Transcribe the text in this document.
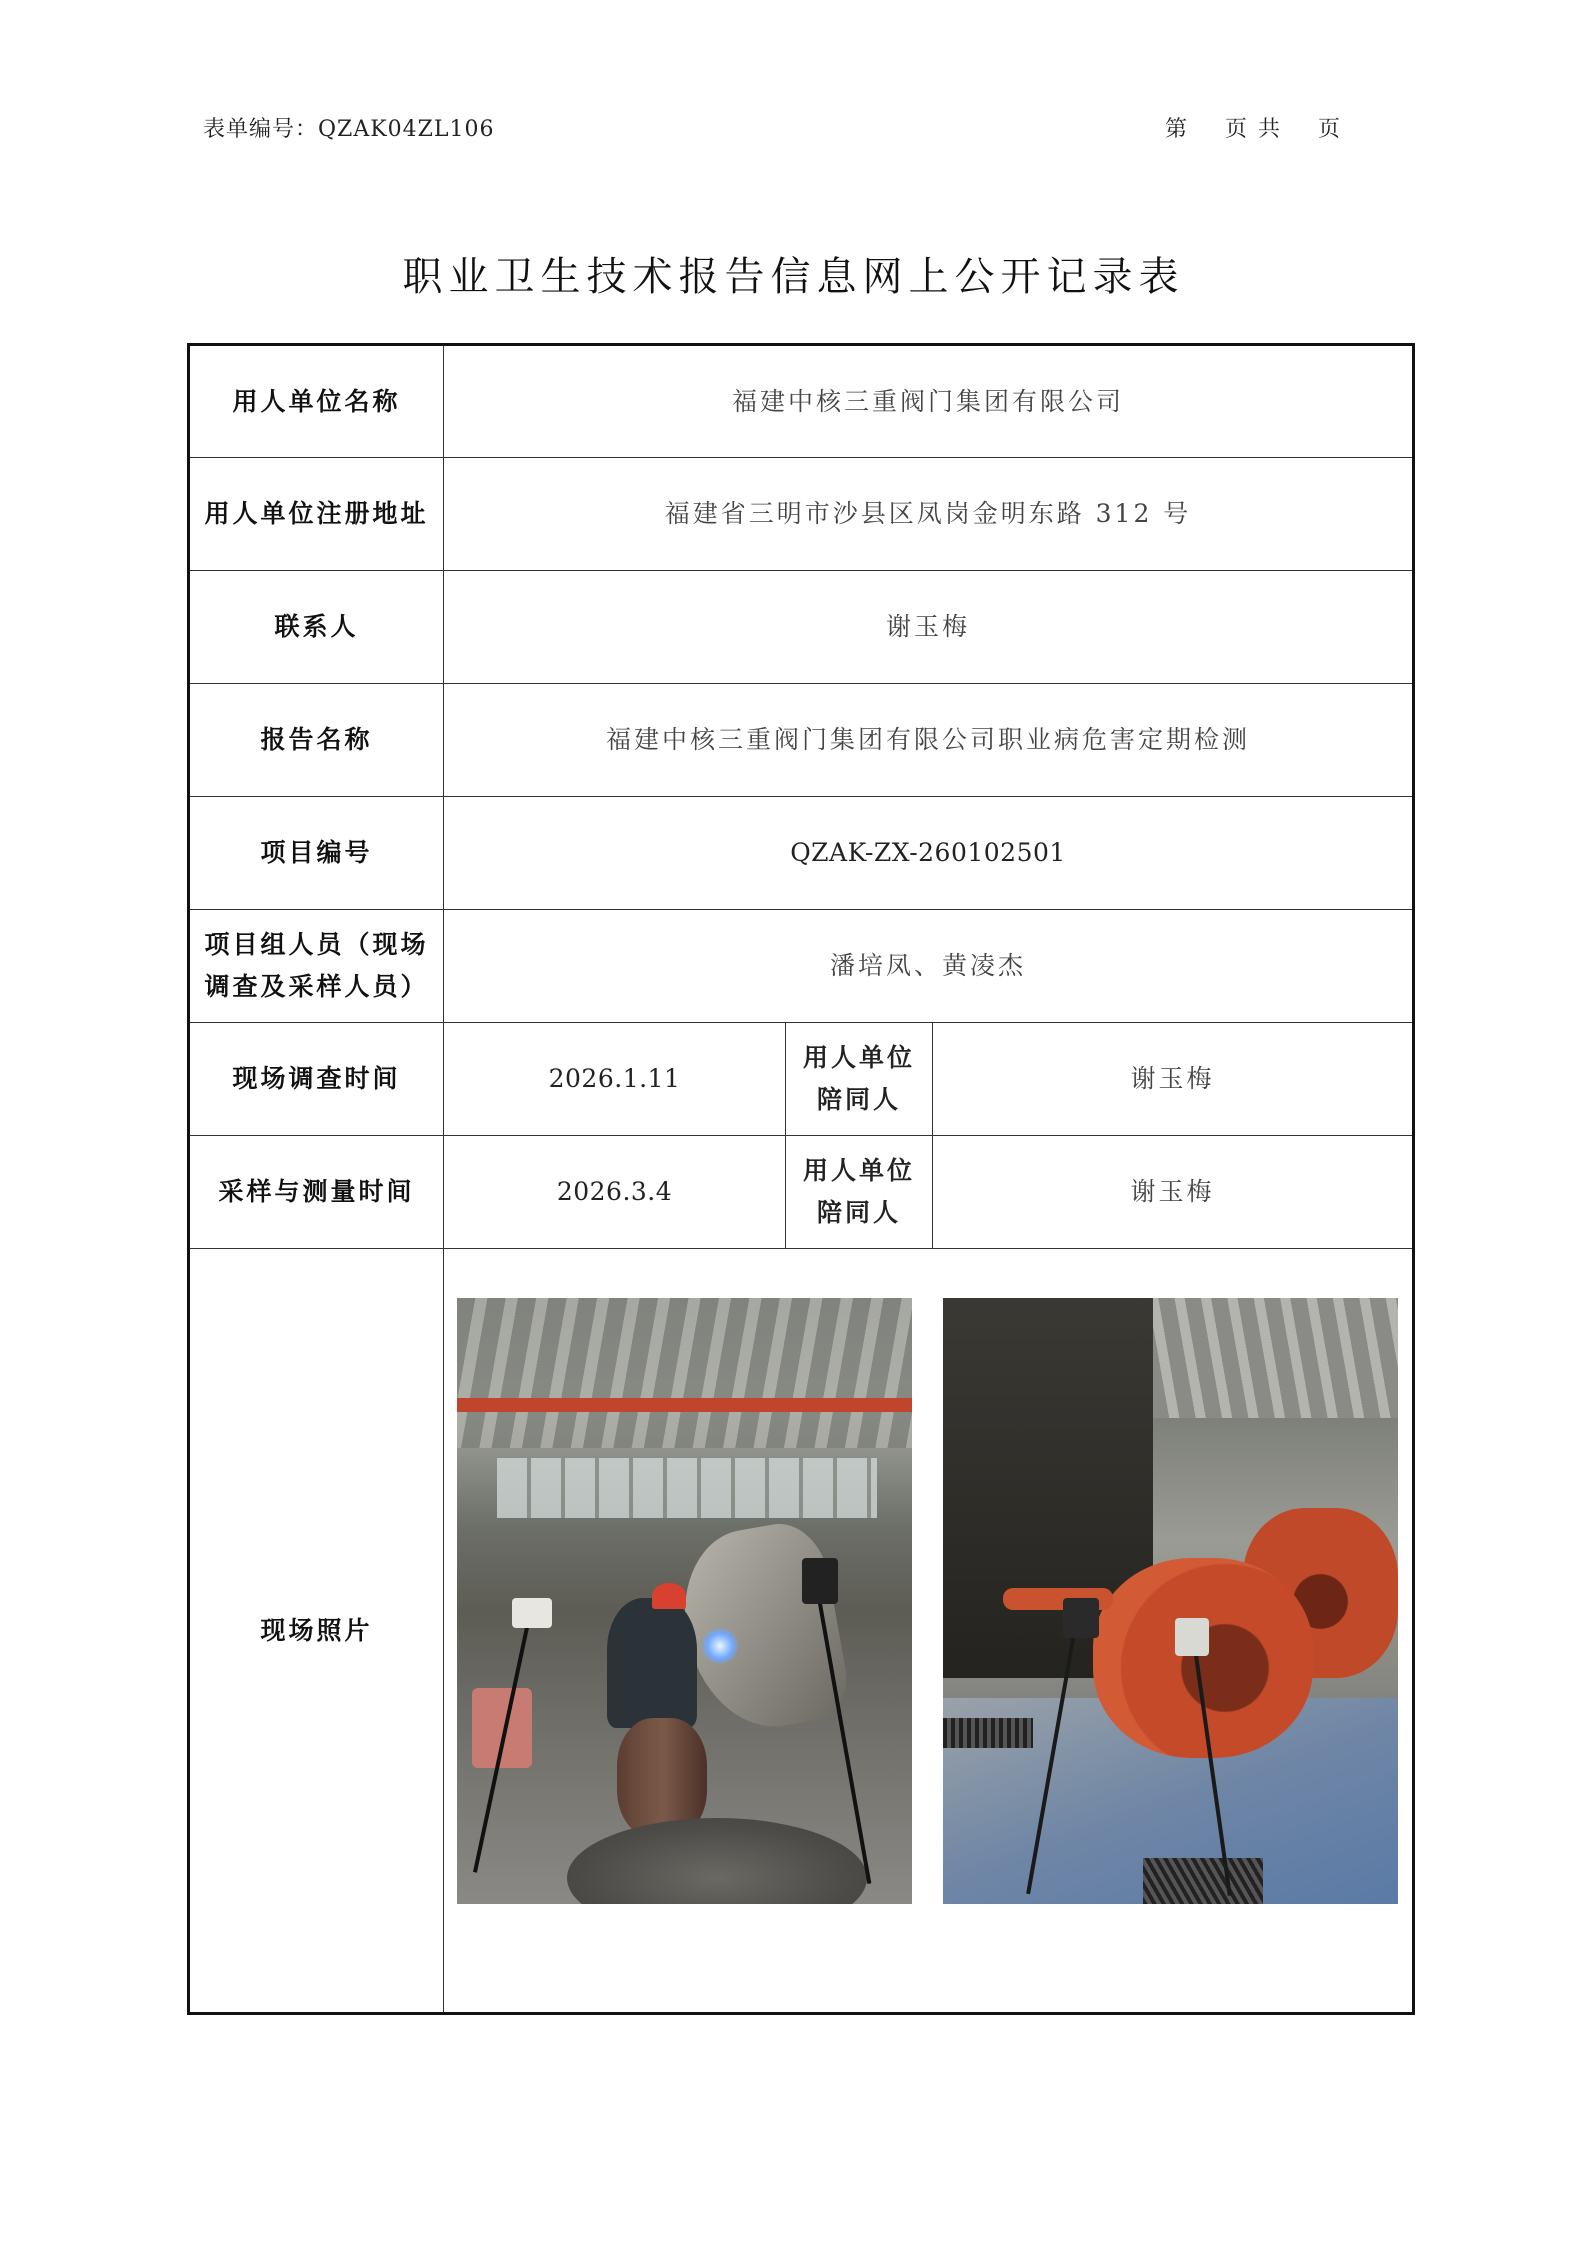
表单编号：QZAK04ZL106	第    页 共    页
职业卫生技术报告信息网上公开记录表
用人单位名称	福建中核三重阀门集团有限公司		
用人单位注册地址	福建省三明市沙县区凤岗金明东路 312 号		
联系人	谢玉梅		
报告名称	福建中核三重阀门集团有限公司职业病危害定期检测		
项目编号	QZAK-ZX-260102501		

项目组人员（现场
调查及采样人员）	潘培凤、黄凌杰		
现场调查时间	2026.1.11	用人单位
陪同人	谢玉梅
采样与测量时间	2026.3.4	用人单位
陪同人	谢玉梅
现场照片			
